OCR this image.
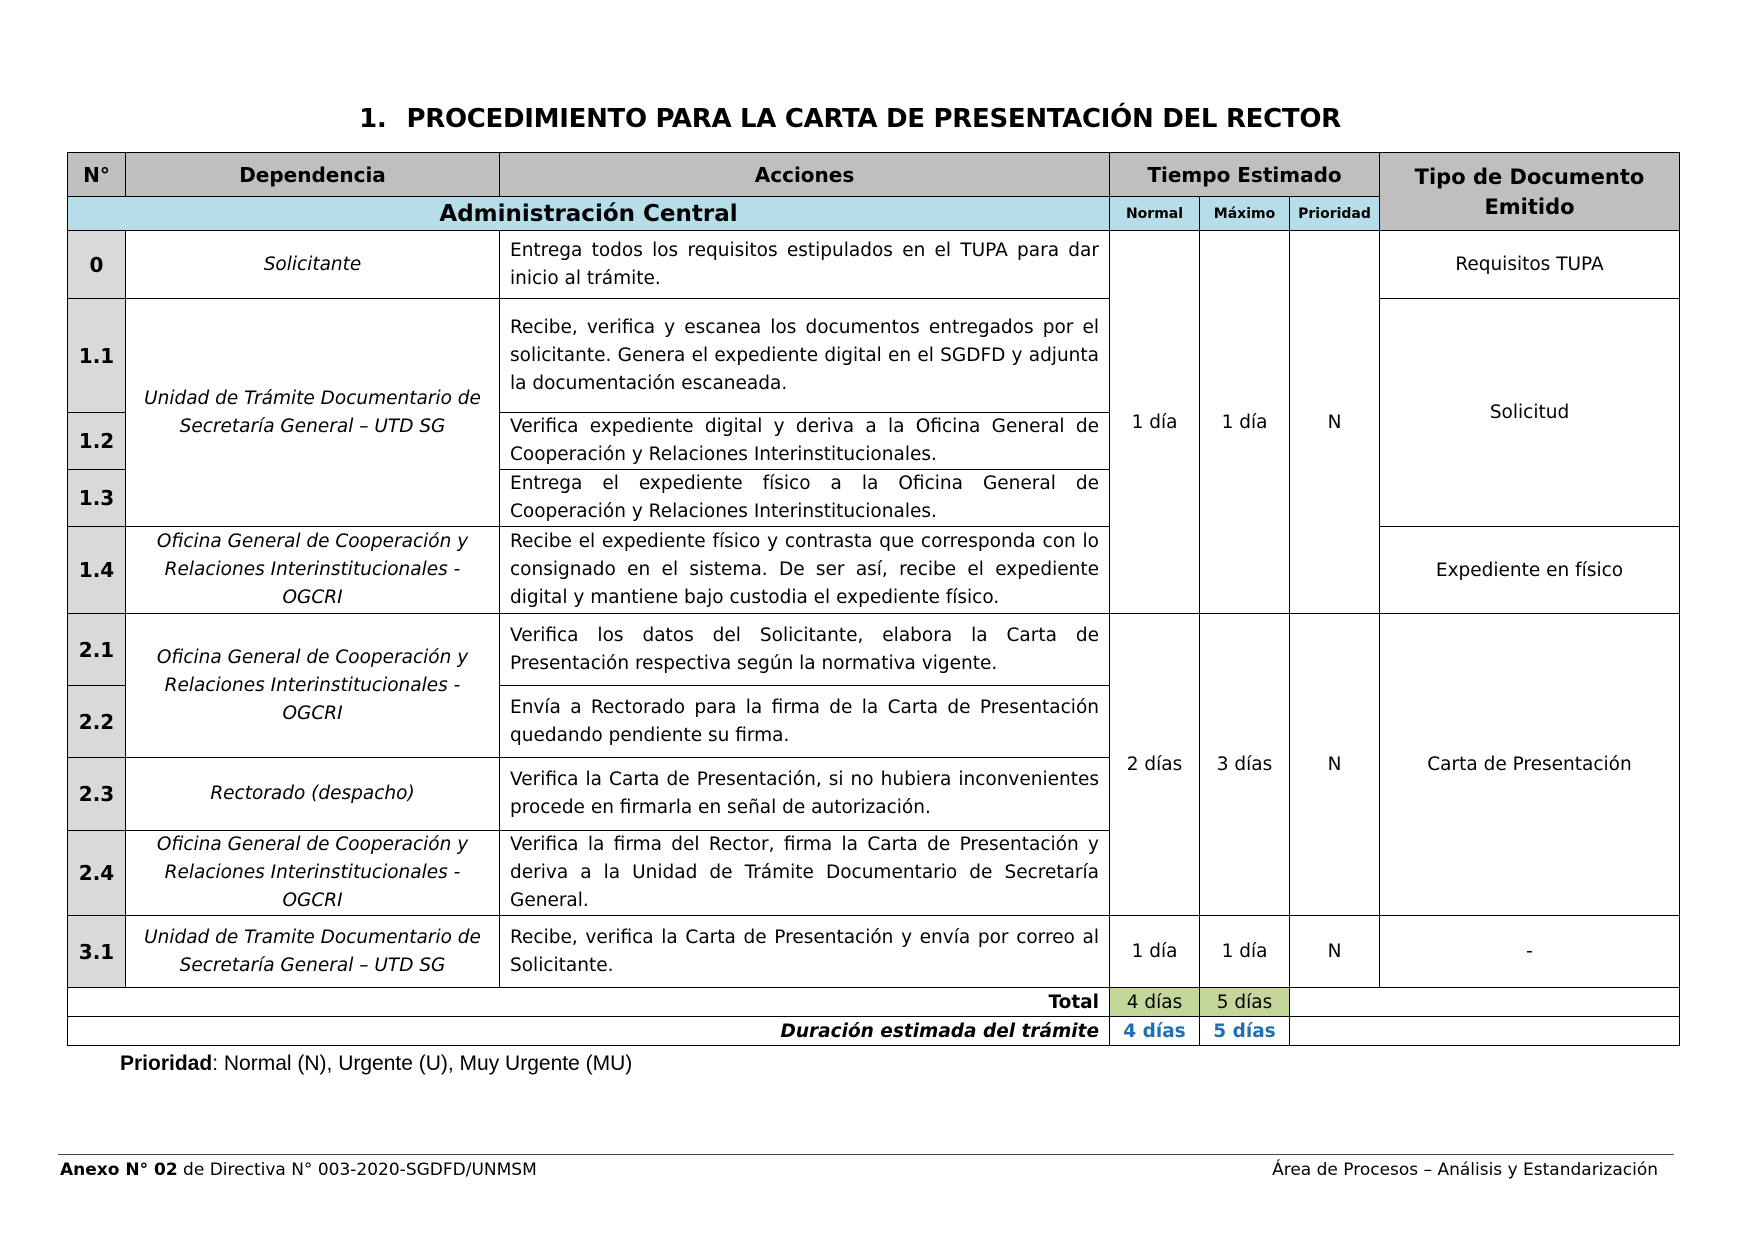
1. PROCEDIMIENTO PARA LA CARTA DE PRESENTACIÓN DEL RECTOR
N°	Dependencia	Acciones	Tiempo Estimado			Tipo de Documento Emitido
Administración Central			Normal	Máximo	Prioridad	
0	Solicitante	Entrega todos los requisitos estipulados en el TUPA para dar inicio al trámite.	1 día	1 día	N	Requisitos TUPA
1.1	Unidad de Trámite Documentario de Secretaría General – UTD SG	Recibe, verifica y escanea los documentos entregados por el solicitante. Genera el expediente digital en el SGDFD y adjunta la documentación escaneada.				Solicitud
1.2		Verifica expediente digital y deriva a la Oficina General de Cooperación y Relaciones Interinstitucionales.				
1.3		Entrega el expediente físico a la Oficina General de Cooperación y Relaciones Interinstitucionales.				
1.4	Oficina General de Cooperación y Relaciones Interinstitucionales - OGCRI	Recibe el expediente físico y contrasta que corresponda con lo consignado en el sistema. De ser así, recibe el expediente digital y mantiene bajo custodia el expediente físico.				Expediente en físico
2.1	Oficina General de Cooperación y Relaciones Interinstitucionales - OGCRI	Verifica los datos del Solicitante, elabora la Carta de Presentación respectiva según la normativa vigente.	2 días	3 días	N	Carta de Presentación
2.2		Envía a Rectorado para la firma de la Carta de Presentación quedando pendiente su firma.				
2.3	Rectorado (despacho)	Verifica la Carta de Presentación, si no hubiera inconvenientes procede en firmarla en señal de autorización.				
2.4	Oficina General de Cooperación y Relaciones Interinstitucionales - OGCRI	Verifica la firma del Rector, firma la Carta de Presentación y deriva a la Unidad de Trámite Documentario de Secretaría General.				
3.1	Unidad de Tramite Documentario de Secretaría General – UTD SG	Recibe, verifica la Carta de Presentación y envía por correo al Solicitante.	1 día	1 día	N	-
Total			4 días	5 días		
Duración estimada del trámite			4 días	5 días		
Prioridad: Normal (N), Urgente (U), Muy Urgente (MU)
Anexo N° 02 de Directiva N° 003-2020-SGDFD/UNMSM	Área de Procesos – Análisis y Estandarización
